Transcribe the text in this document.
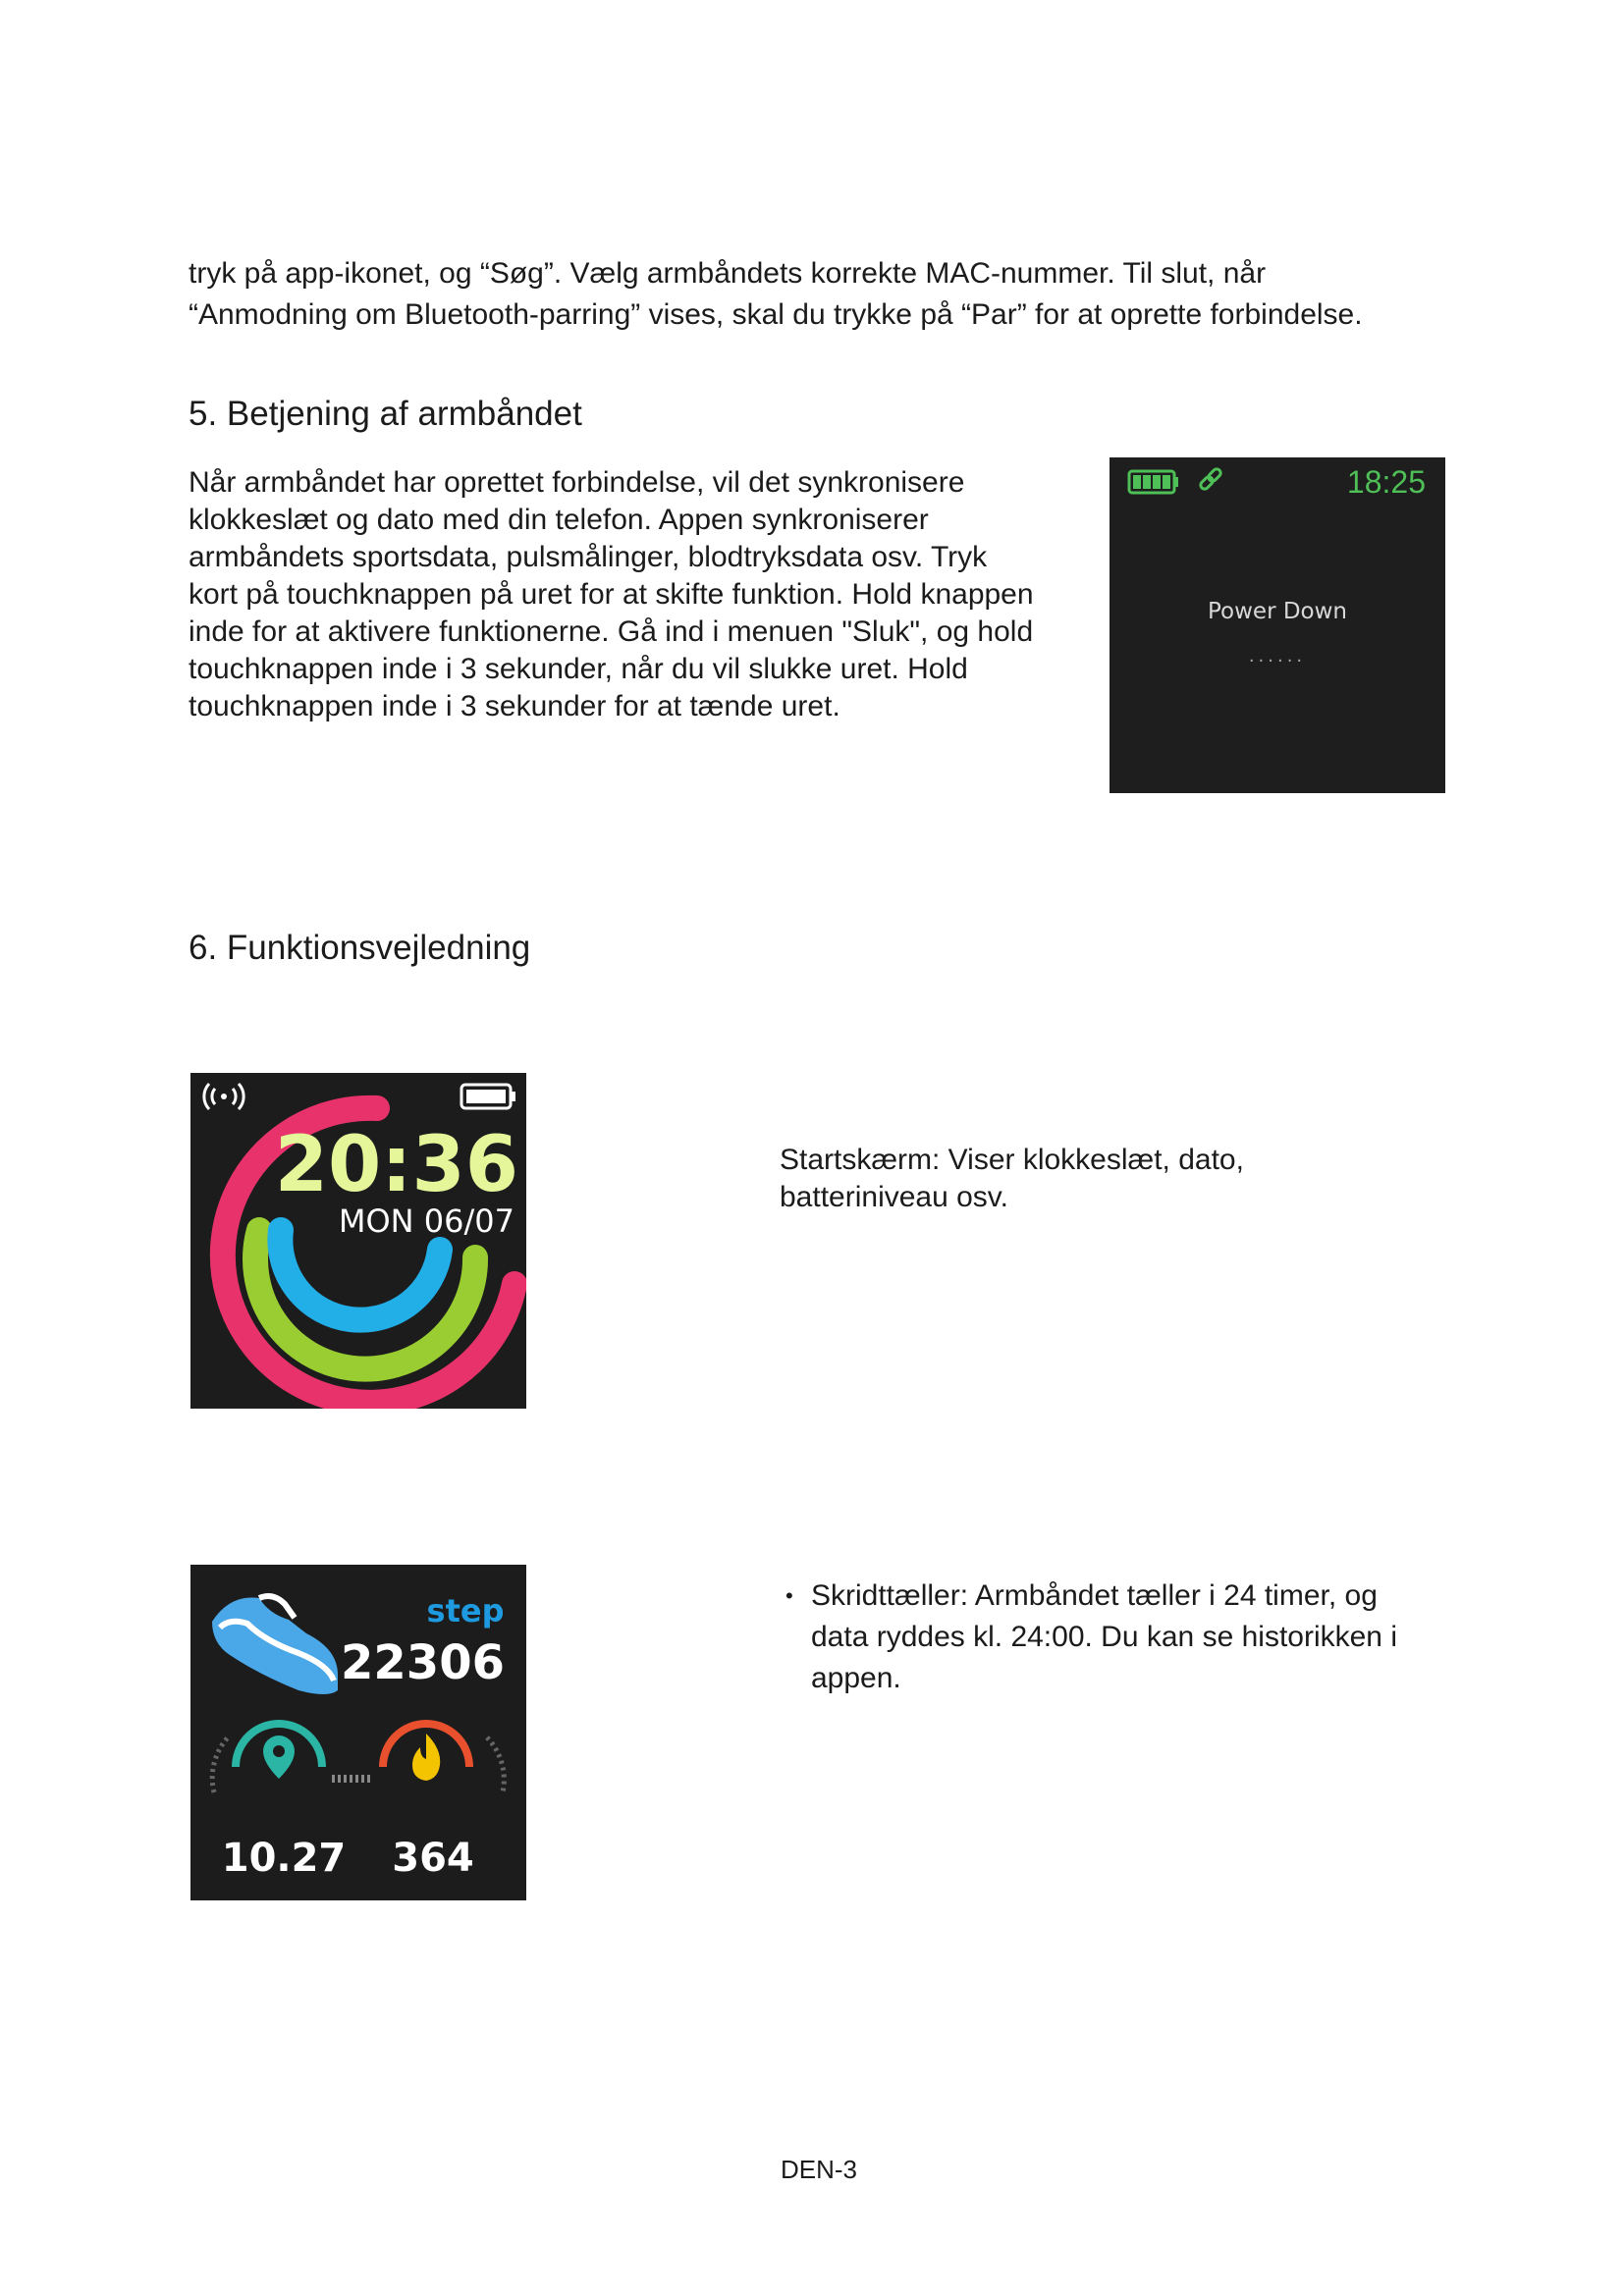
tryk på app-ikonet, og “Søg”. Vælg armbåndets korrekte MAC-nummer. Til slut, når

“Anmodning om Bluetooth-parring” vises, skal du trykke på “Par” for at oprette forbindelse.

5. Betjening af armbåndet

Når armbåndet har oprettet forbindelse, vil det synkronisere

klokkeslæt og dato med din telefon. Appen synkroniserer

armbåndets sportsdata, pulsmålinger, blodtryksdata osv. Tryk

kort på touchknappen på uret for at skifte funktion. Hold knappen

inde for at aktivere funktionerne. Gå ind i menuen "Sluk", og hold

touchknappen inde i 3 sekunder, når du vil slukke uret. Hold

touchknappen inde i 3 sekunder for at tænde uret.

18:25
Power Down
......
6. Funktionsvejledning
20:36
MON 06/07

Startskærm: Viser klokkeslæt, dato,

batteriniveau osv.

step
22306
10.27 364
• Skridttæller: Armbåndet tæller i 24 timer, og
data ryddes kl. 24:00. Du kan se historikken i
appen.
DEN-3
